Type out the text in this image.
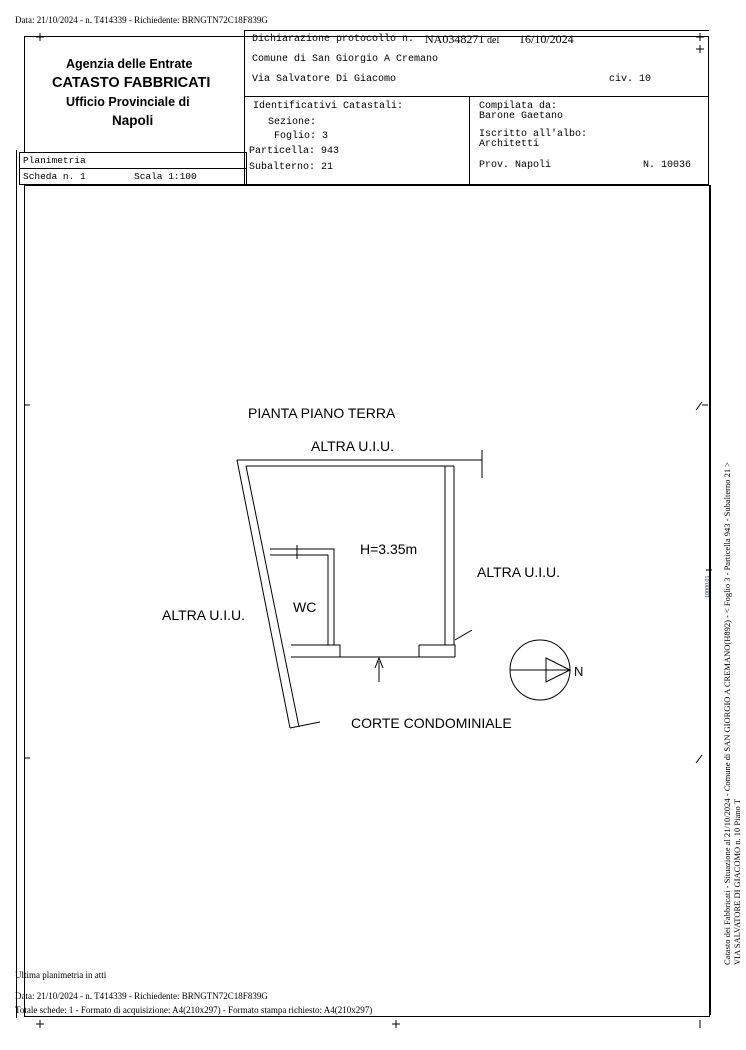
Data: 21/10/2024 - n. T414339 - Richiedente: BRNGTN72C18F839G
Agenzia delle Entrate
CATASTO FABBRICATI
Ufficio Provinciale di
Napoli
Planimetria
Scheda n. 1	Scala 1:100
Dichiarazione protocollo n. NA0348271 del 16/10/2024
Comune di San Giorgio A Cremano
Via Salvatore Di Giacomo	civ. 10
Identificativi Catastali:
Sezione:
Foglio: 3
Particella: 943
Subalterno: 21
Compilata da:
Barone Gaetano
Iscritto all'albo:
Architetti
Prov. Napoli	N. 10036
PIANTA PIANO TERRA
ALTRA U.I.U.
H=3.35m
ALTRA U.I.U.
WC
ALTRA U.I.U.
N
CORTE CONDOMINIALE	Catasto dei Fabbricati - Situazione al 21/10/2024 - Comune di SAN GIORGIO A CREMANO(H892) - < Foglio 3 - Particella 943 - Subalterno 21 > VIA SALVATORE DI GIACOMO n. 10 Piano T
10000.01
Ultima planimetria in atti
Data: 21/10/2024 - n. T414339 - Richiedente: BRNGTN72C18F839G
Totale schede: 1 - Formato di acquisizione: A4(210x297) - Formato stampa richiesto: A4(210x297)
